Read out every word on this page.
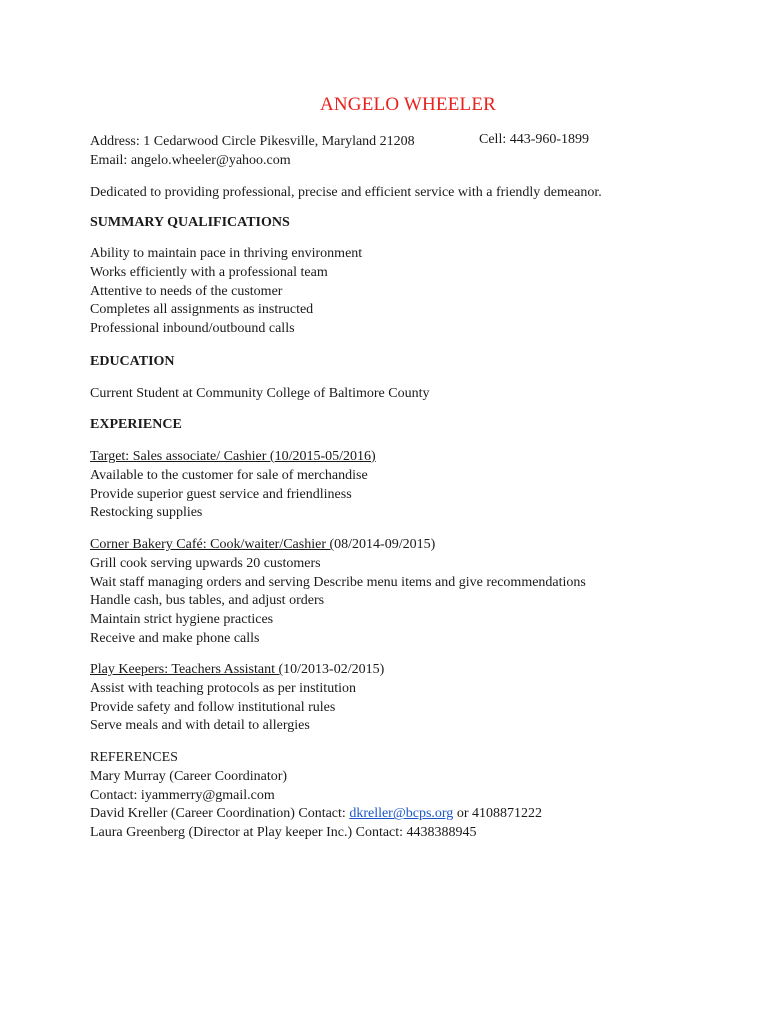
ANGELO WHEELER
Address: 1 Cedarwood Circle Pikesville, Maryland 21208	Cell: 443-960-1899
Email: angelo.wheeler@yahoo.com
Dedicated to providing professional, precise and efficient service with a friendly demeanor.
SUMMARY QUALIFICATIONS
Ability to maintain pace in thriving environment
Works efficiently with a professional team
Attentive to needs of the customer
Completes all assignments as instructed
Professional inbound/outbound calls
EDUCATION
Current Student at Community College of Baltimore County
EXPERIENCE
Target: Sales associate/ Cashier (10/2015-05/2016)
Available to the customer for sale of merchandise
Provide superior guest service and friendliness
Restocking supplies
Corner Bakery Café: Cook/waiter/Cashier (08/2014-09/2015)
Grill cook serving upwards 20 customers
Wait staff managing orders and serving Describe menu items and give recommendations
Handle cash, bus tables, and adjust orders
Maintain strict hygiene practices
Receive and make phone calls
Play Keepers: Teachers Assistant (10/2013-02/2015)
Assist with teaching protocols as per institution
Provide safety and follow institutional rules
Serve meals and with detail to allergies
REFERENCES
Mary Murray (Career Coordinator)
Contact: iyammerry@gmail.com
David Kreller (Career Coordination) Contact: dkreller@bcps.org or 4108871222
Laura Greenberg (Director at Play keeper Inc.) Contact: 4438388945
